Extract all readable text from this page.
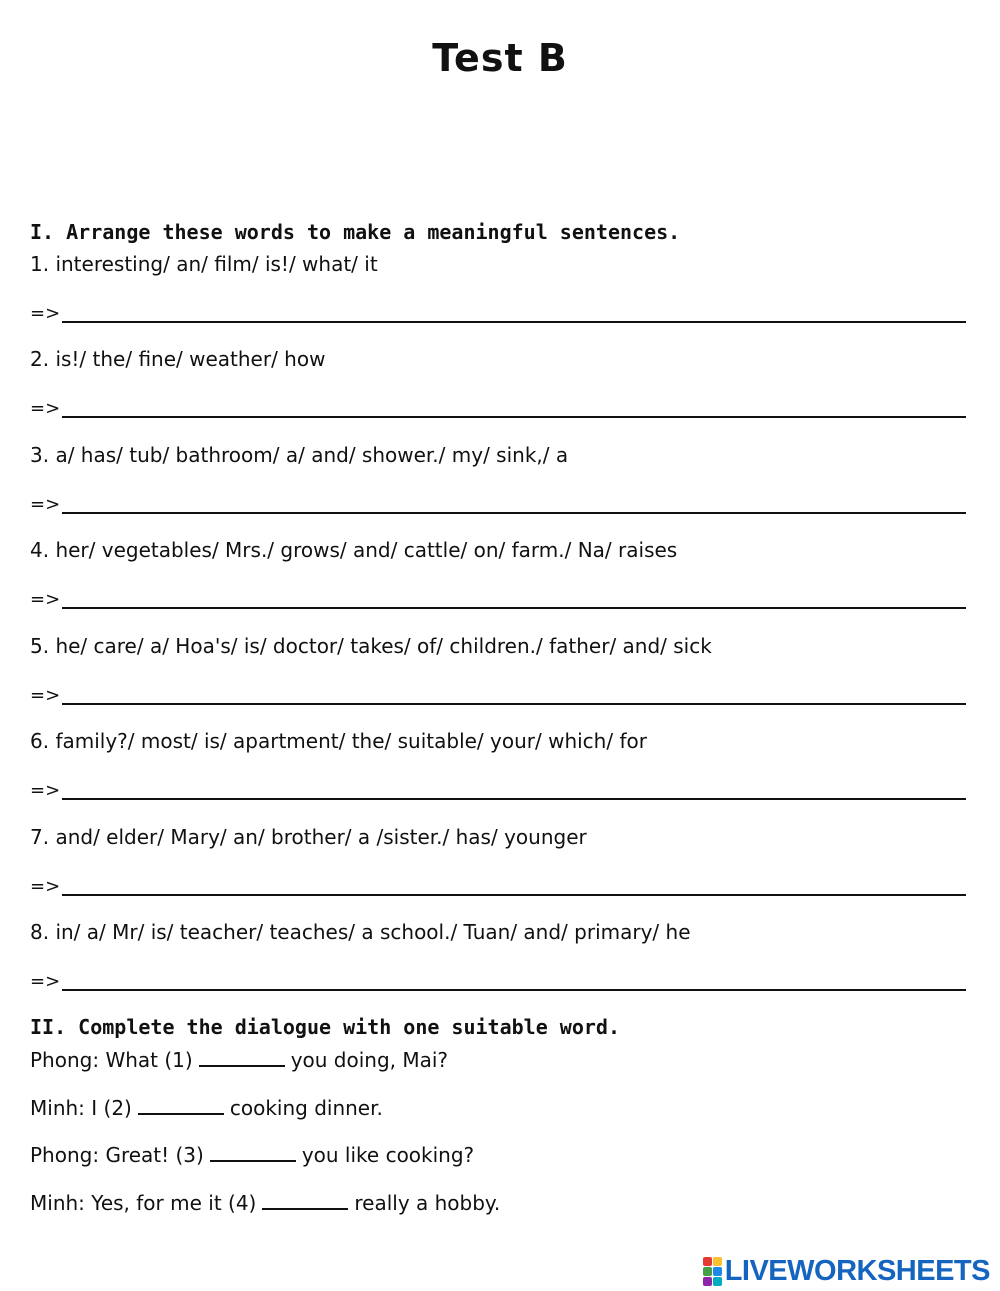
Test B
I. Arrange these words to make a meaningful sentences.
1. interesting/ an/ film/ is!/ what/ it
=>
2. is!/ the/ fine/ weather/ how
=>
3. a/ has/ tub/ bathroom/ a/ and/ shower./ my/ sink,/ a
=>
4. her/ vegetables/ Mrs./ grows/ and/ cattle/ on/ farm./ Na/ raises
=>
5. he/ care/ a/ Hoa's/ is/ doctor/ takes/ of/ children./ father/ and/ sick
=>
6. family?/ most/ is/ apartment/ the/ suitable/ your/ which/ for
=>
7. and/ elder/ Mary/ an/ brother/ a /sister./ has/ younger
=>
8. in/ a/ Mr/ is/ teacher/ teaches/ a school./ Tuan/ and/ primary/ he
=>
II. Complete the dialogue with one suitable word.
Phong: What (1)	you doing, Mai?
Minh: I (2)	cooking dinner.
Phong: Great! (3)	you like cooking?
Minh: Yes, for me it (4)	really a hobby.
LIVEWORKSHEETS
